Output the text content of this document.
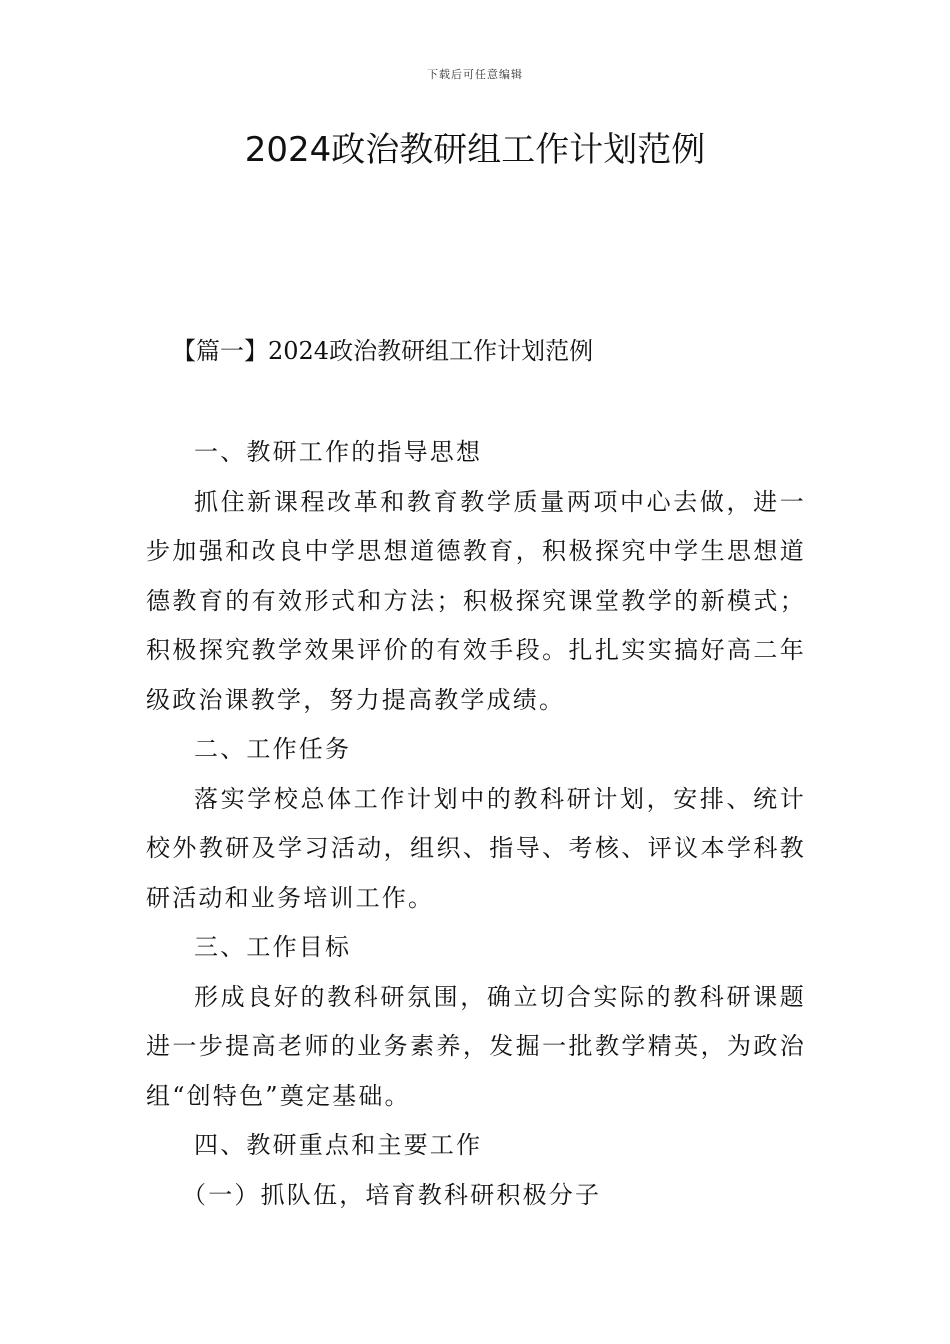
下载后可任意编辑
2024政治教研组工作计划范例
【篇一】2024政治教研组工作计划范例

一、教研工作的指导思想

抓住新课程改革和教育教学质量两项中心去做，进一步加强和改良中学思想道德教育，积极探究中学生思想道德教育的有效形式和方法；积极探究课堂教学的新模式；积极探究教学效果评价的有效手段。扎扎实实搞好高二年级政治课教学，努力提高教学成绩。

二、工作任务

落实学校总体工作计划中的教科研计划，安排、统计校外教研及学习活动，组织、指导、考核、评议本学科教研活动和业务培训工作。

三、工作目标

形成良好的教科研氛围，确立切合实际的教科研课题进一步提高老师的业务素养，发掘一批教学精英，为政治组“创特色”奠定基础。

四、教研重点和主要工作

（一）抓队伍，培育教科研积极分子
